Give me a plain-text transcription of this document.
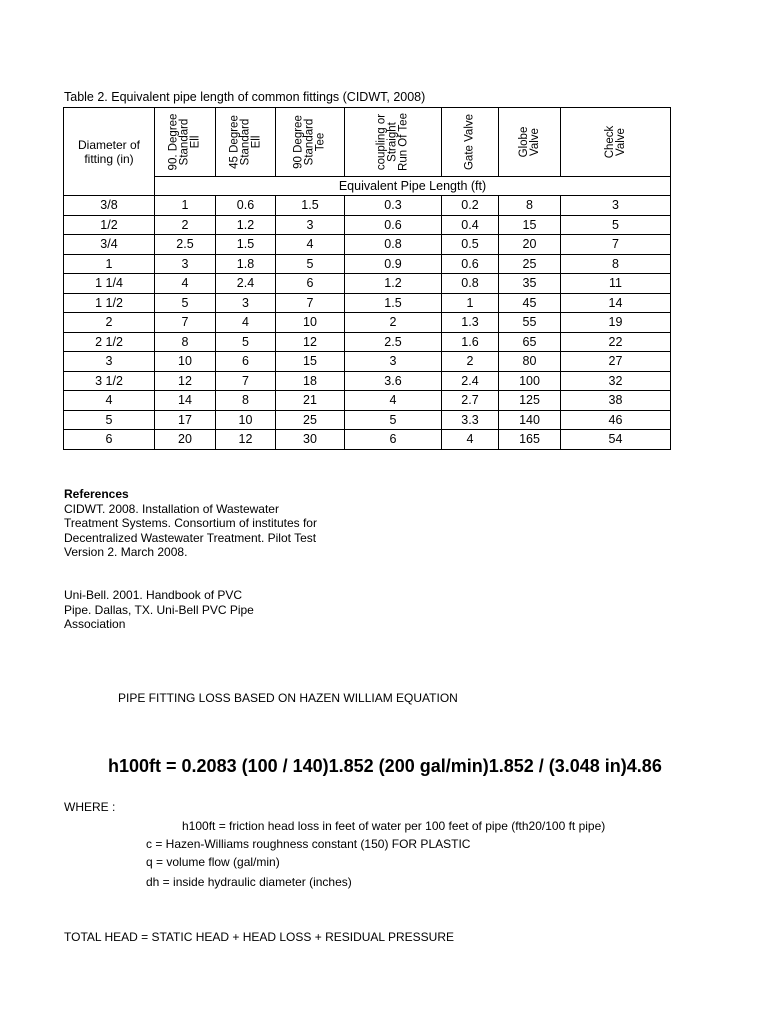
Table 2. Equivalent pipe length of common fittings (CIDWT, 2008)
Diameter of
fitting (in)	90. Degree Standard Ell	45 Degree Standard Ell	90 Degree Standard Tee	coupling or Straight Run Of Tee	Gate Valve	Globe Valve	Check Valve

	Equivalent Pipe Length (ft)						
3/8	1	0.6	1.5	0.3	0.2	8	3
1/2	2	1.2	3	0.6	0.4	15	5
3/4	2.5	1.5	4	0.8	0.5	20	7
1	3	1.8	5	0.9	0.6	25	8
1 1/4	4	2.4	6	1.2	0.8	35	11
1 1/2	5	3	7	1.5	1	45	14
2	7	4	10	2	1.3	55	19
2 1/2	8	5	12	2.5	1.6	65	22
3	10	6	15	3	2	80	27
3 1/2	12	7	18	3.6	2.4	100	32
4	14	8	21	4	2.7	125	38
5	17	10	25	5	3.3	140	46
6	20	12	30	6	4	165	54
References
CIDWT. 2008. Installation of Wastewater
Treatment Systems. Consortium of institutes for
Decentralized Wastewater Treatment. Pilot Test
Version 2. March 2008.
Uni-Bell. 2001. Handbook of PVC
Pipe. Dallas, TX. Uni-Bell PVC Pipe
Association
PIPE FITTING LOSS BASED ON HAZEN WILLIAM EQUATION
h100ft = 0.2083 (100 / 140)1.852 (200 gal/min)1.852 / (3.048 in)4.86
WHERE :
h100ft = friction head loss in feet of water per 100 feet of pipe (fth20/100 ft pipe)
c = Hazen-Williams roughness constant (150) FOR PLASTIC
q = volume flow (gal/min)
dh = inside hydraulic diameter (inches)
TOTAL HEAD = STATIC HEAD + HEAD LOSS + RESIDUAL PRESSURE
